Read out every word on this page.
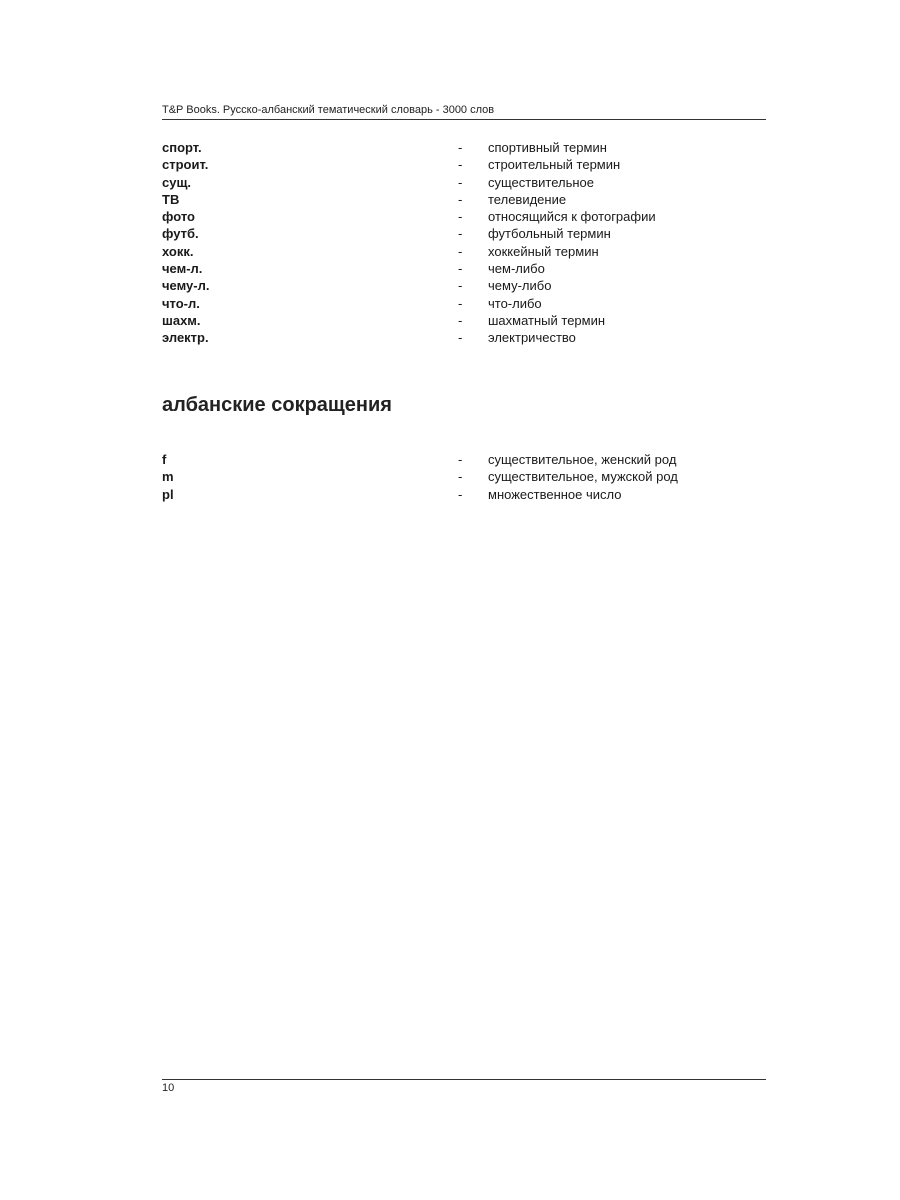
T&P Books. Русско-албанский тематический словарь - 3000 слов
спорт.	- спортивный термин
строит.	- строительный термин
сущ.	- существительное
ТВ	- телевидение
фото	- относящийся к фотографии
футб.	- футбольный термин
хокк.	- хоккейный термин
чем-л.	- чем-либо
чему-л.	- чему-либо
что-л.	- что-либо
шахм.	- шахматный термин
электр.	- электричество
албанские сокращения
f	- существительное, женский род
m	- существительное, мужской род
pl	- множественное число
10
